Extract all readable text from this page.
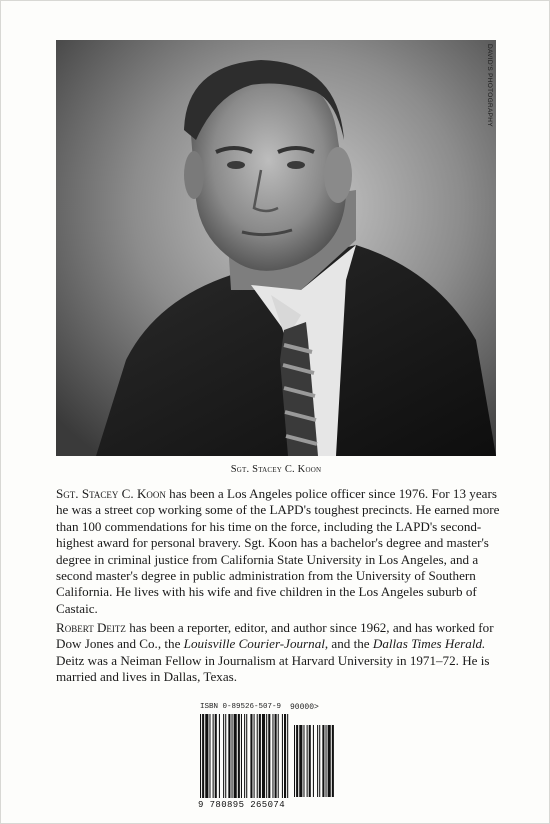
DAVID'S PHOTOGRAPHY
Sgt. Stacey C. Koon

Sgt. Stacey C. Koon has been a Los Angeles police officer since 1976. For 13 years he was a street cop working some of the LAPD's toughest precincts. He earned more than 100 commendations for his time on the force, including the LAPD's second-highest award for personal bravery. Sgt. Koon has a bachelor's degree and master's degree in criminal justice from California State University in Los Angeles, and a second master's degree in public administration from the University of Southern California. He lives with his wife and five children in the Los Angeles suburb of Castaic.

Robert Deitz has been a reporter, editor, and author since 1962, and has worked for Dow Jones and Co., the Louisville Courier-Journal, and the Dallas Times Herald. Deitz was a Neiman Fellow in Journalism at Harvard University in 1971–72. He is married and lives in Dallas, Texas.

ISBN 0-89526-507-9
9 780895 265074
90000>
